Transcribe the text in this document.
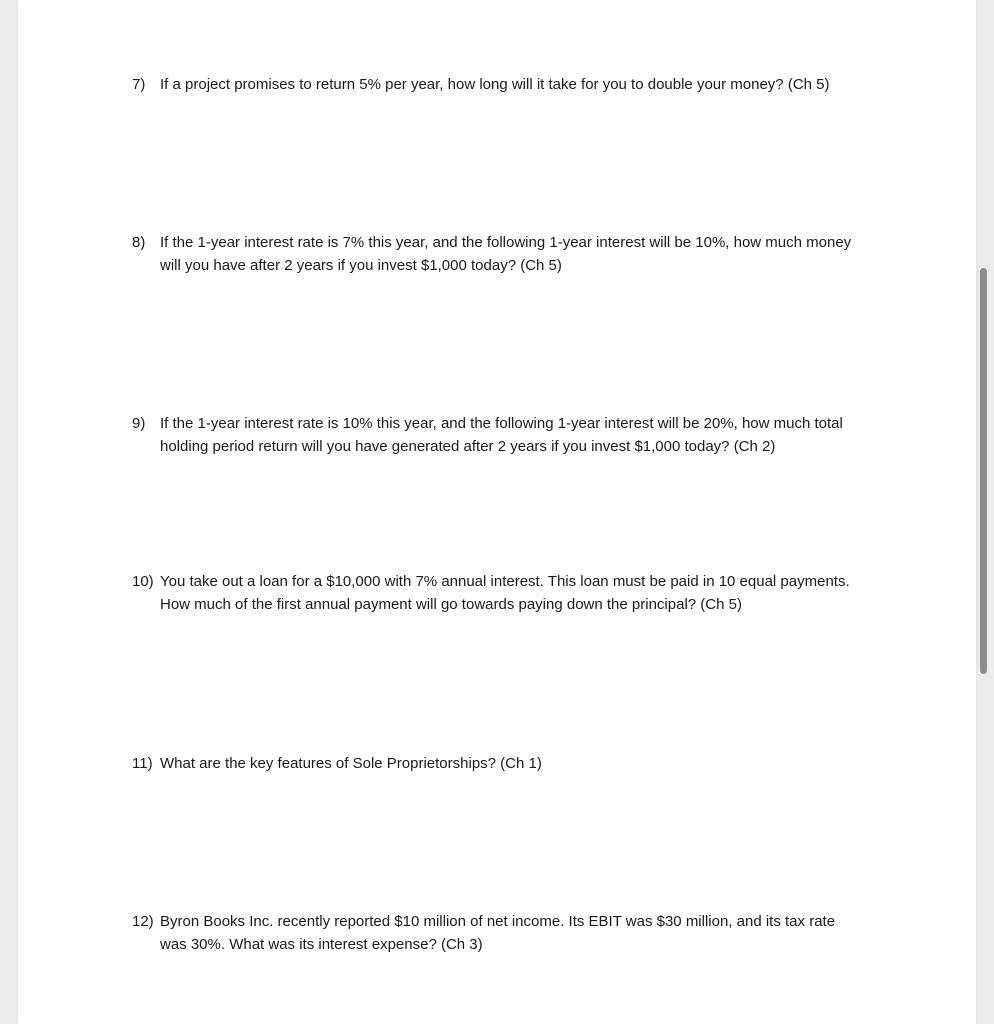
7) If a project promises to return 5% per year, how long will it take for you to double your money? (Ch 5)
8) If the 1-year interest rate is 7% this year, and the following 1-year interest will be 10%, how much money will you have after 2 years if you invest $1,000 today? (Ch 5)
9) If the 1-year interest rate is 10% this year, and the following 1-year interest will be 20%, how much total holding period return will you have generated after 2 years if you invest $1,000 today? (Ch 2)
10) You take out a loan for a $10,000 with 7% annual interest. This loan must be paid in 10 equal payments. How much of the first annual payment will go towards paying down the principal? (Ch 5)
11) What are the key features of Sole Proprietorships? (Ch 1)
12) Byron Books Inc. recently reported $10 million of net income. Its EBIT was $30 million, and its tax rate was 30%. What was its interest expense? (Ch 3)
